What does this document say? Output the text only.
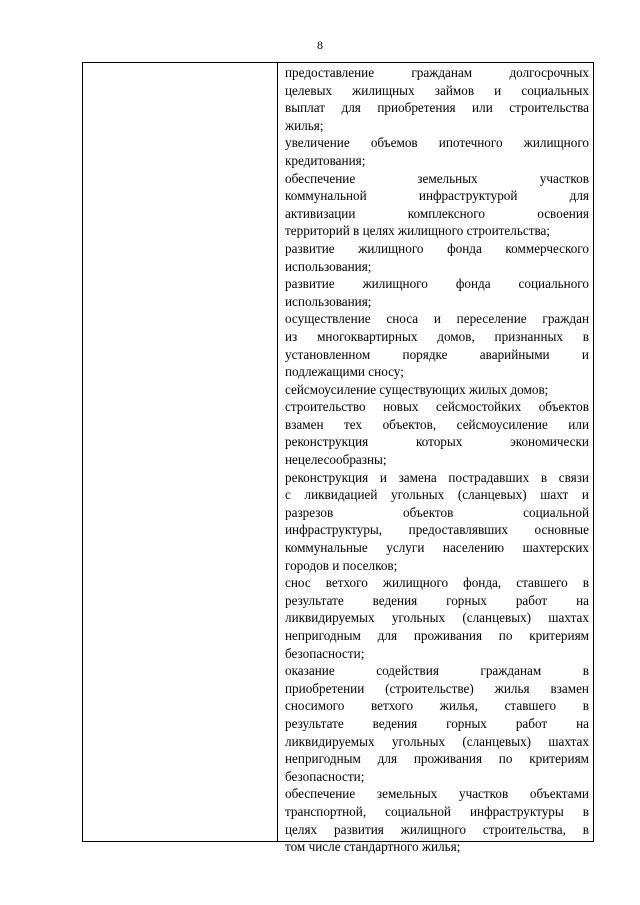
8
предоставление гражданам долгосрочных
целевых жилищных займов и социальных
выплат для приобретения или строительства
жилья;
увеличение объемов ипотечного жилищного
кредитования;
обеспечение земельных участков
коммунальной инфраструктурой для
активизации комплексного освоения
территорий в целях жилищного строительства;
развитие жилищного фонда коммерческого
использования;
развитие жилищного фонда социального
использования;
осуществление сноса и переселение граждан
из многоквартирных домов, признанных в
установленном порядке аварийными и
подлежащими сносу;
сейсмоусиление существующих жилых домов;
строительство новых сейсмостойких объектов
взамен тех объектов, сейсмоусиление или
реконструкция которых экономически
нецелесообразны;
реконструкция и замена пострадавших в связи
с ликвидацией угольных (сланцевых) шахт и
разрезов объектов социальной
инфраструктуры, предоставлявших основные
коммунальные услуги населению шахтерских
городов и поселков;
снос ветхого жилищного фонда, ставшего в
результате ведения горных работ на
ликвидируемых угольных (сланцевых) шахтах
непригодным для проживания по критериям
безопасности;
оказание содействия гражданам в
приобретении (строительстве) жилья взамен
сносимого ветхого жилья, ставшего в
результате ведения горных работ на
ликвидируемых угольных (сланцевых) шахтах
непригодным для проживания по критериям
безопасности;
обеспечение земельных участков объектами
транспортной, социальной инфраструктуры в
целях развития жилищного строительства, в
том числе стандартного жилья;
